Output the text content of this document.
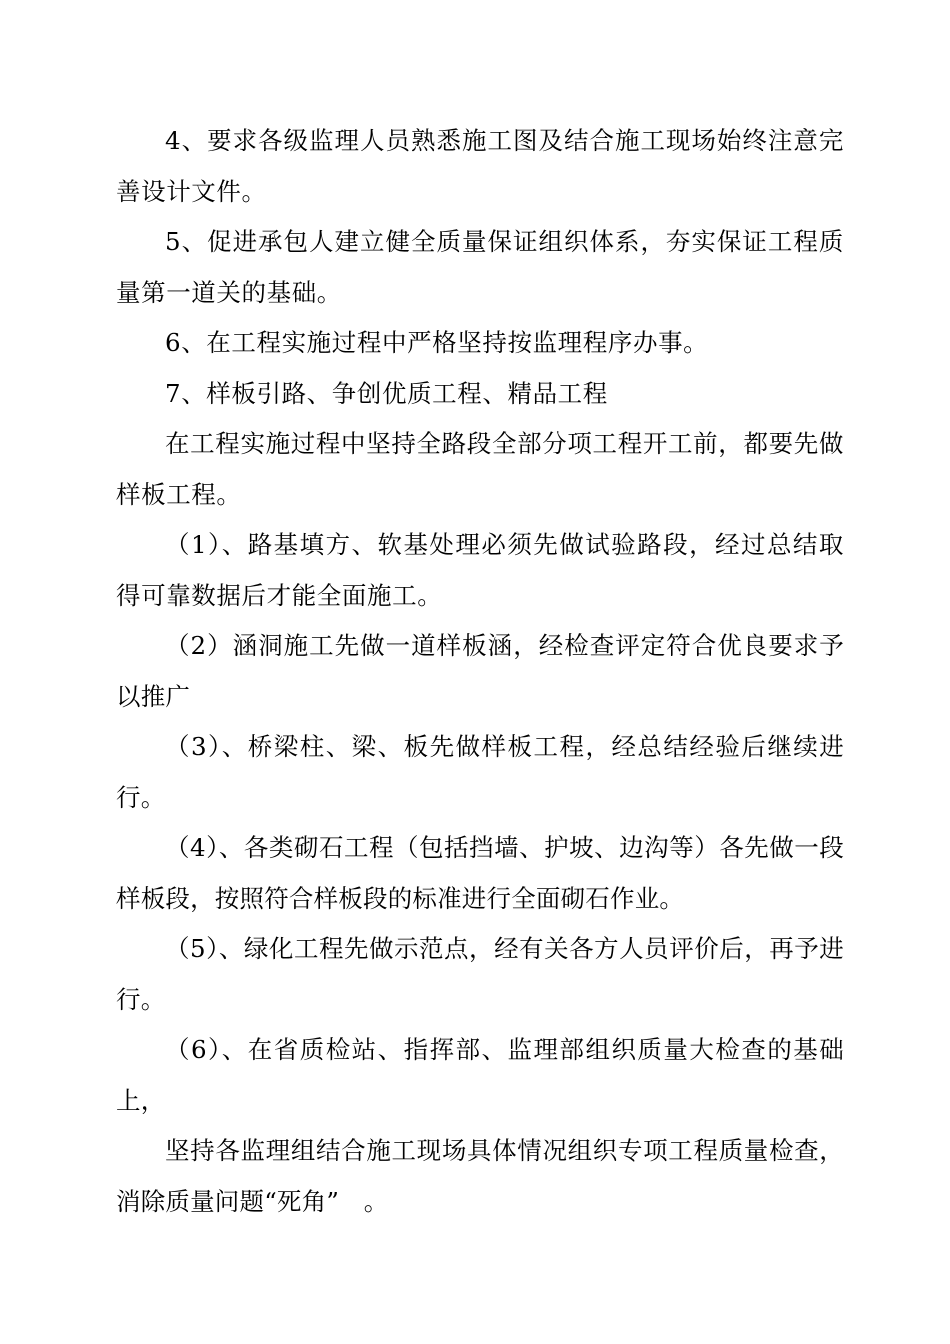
4、要求各级监理人员熟悉施工图及结合施工现场始终注意完善设计文件。

5、促进承包人建立健全质量保证组织体系，夯实保证工程质量第一道关的基础。

6、在工程实施过程中严格坚持按监理程序办事。

7、样板引路、争创优质工程、精品工程

在工程实施过程中坚持全路段全部分项工程开工前，都要先做样板工程。

（1）、路基填方、软基处理必须先做试验路段，经过总结取得可靠数据后才能全面施工。

（2）涵洞施工先做一道样板涵，经检查评定符合优良要求予以推广

（3）、桥梁柱、梁、板先做样板工程，经总结经验后继续进行。

（4）、各类砌石工程（包括挡墙、护坡、边沟等）各先做一段样板段，按照符合样板段的标准进行全面砌石作业。

（5）、绿化工程先做示范点，经有关各方人员评价后，再予进行。

（6）、在省质检站、指挥部、监理部组织质量大检查的基础上，

坚持各监理组结合施工现场具体情况组织专项工程质量检查，消除质量问题“死角”　。
